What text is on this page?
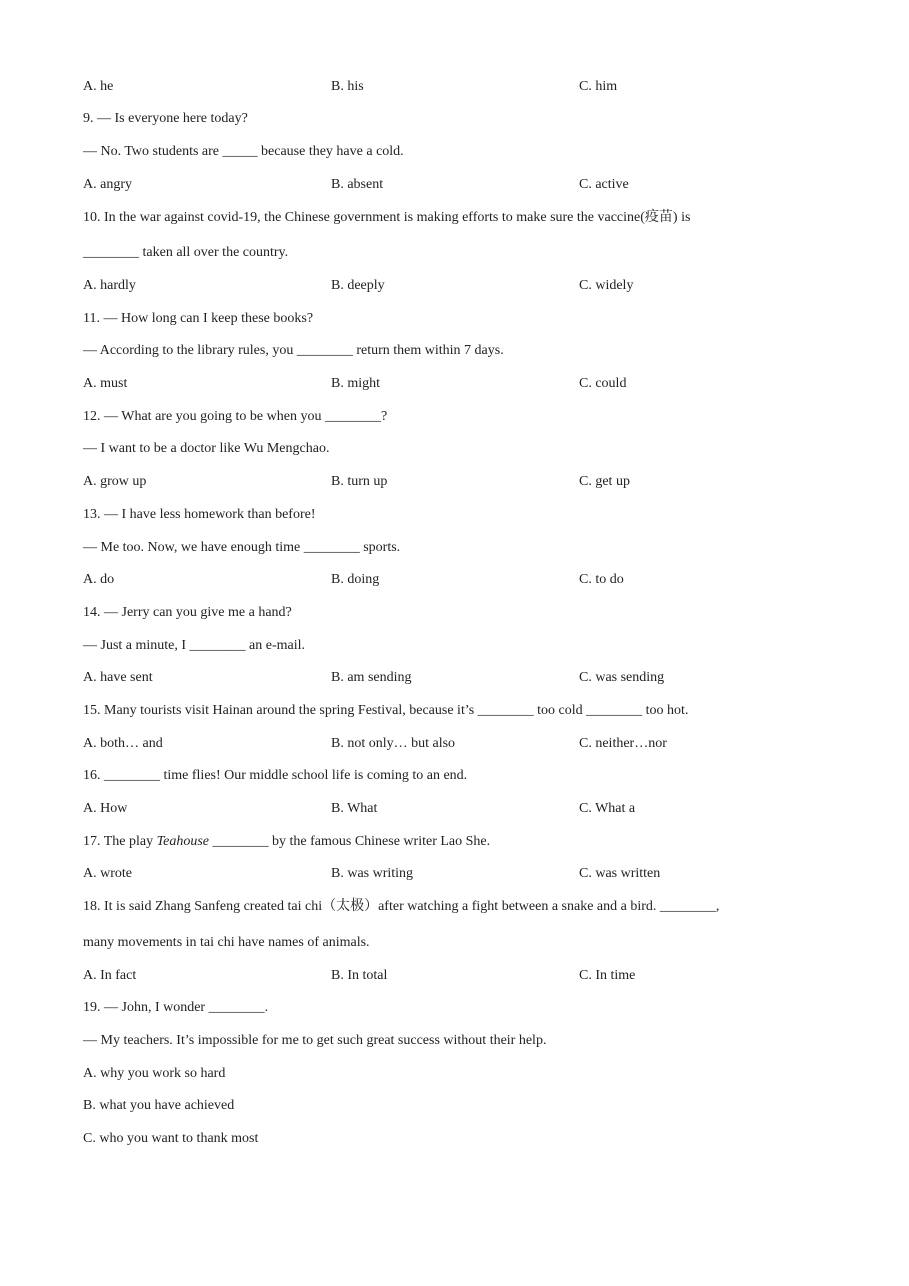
A. he	B. his	C. him
9. — Is everyone here today?
— No. Two students are _____ because they have a cold.
A. angry	B. absent	C. active
10. In the war against covid-19, the Chinese government is making efforts to make sure the vaccine(疫苗) is
________ taken all over the country.
A. hardly	B. deeply	C. widely
11. — How long can I keep these books?
— According to the library rules, you ________ return them within 7 days.
A. must	B. might	C. could
12. — What are you going to be when you ________?
— I want to be a doctor like Wu Mengchao.
A. grow up	B. turn up	C. get up
13. — I have less homework than before!
— Me too. Now, we have enough time ________ sports.
A. do	B. doing	C. to do
14. — Jerry can you give me a hand?
— Just a minute, I ________ an e-mail.
A. have sent	B. am sending	C. was sending
15. Many tourists visit Hainan around the spring Festival, because it’s ________ too cold ________ too hot.
A. both… and	B. not only… but also	C. neither…nor
16. ________ time flies! Our middle school life is coming to an end.
A. How	B. What	C. What a
17. The play Teahouse ________ by the famous Chinese writer Lao She.
A. wrote	B. was writing	C. was written
18. It is said Zhang Sanfeng created tai chi（太极）after watching a fight between a snake and a bird. ________,
many movements in tai chi have names of animals.
A. In fact	B. In total	C. In time
19. — John, I wonder ________.
— My teachers. It’s impossible for me to get such great success without their help.
A. why you work so hard
B. what you have achieved
C. who you want to thank most
